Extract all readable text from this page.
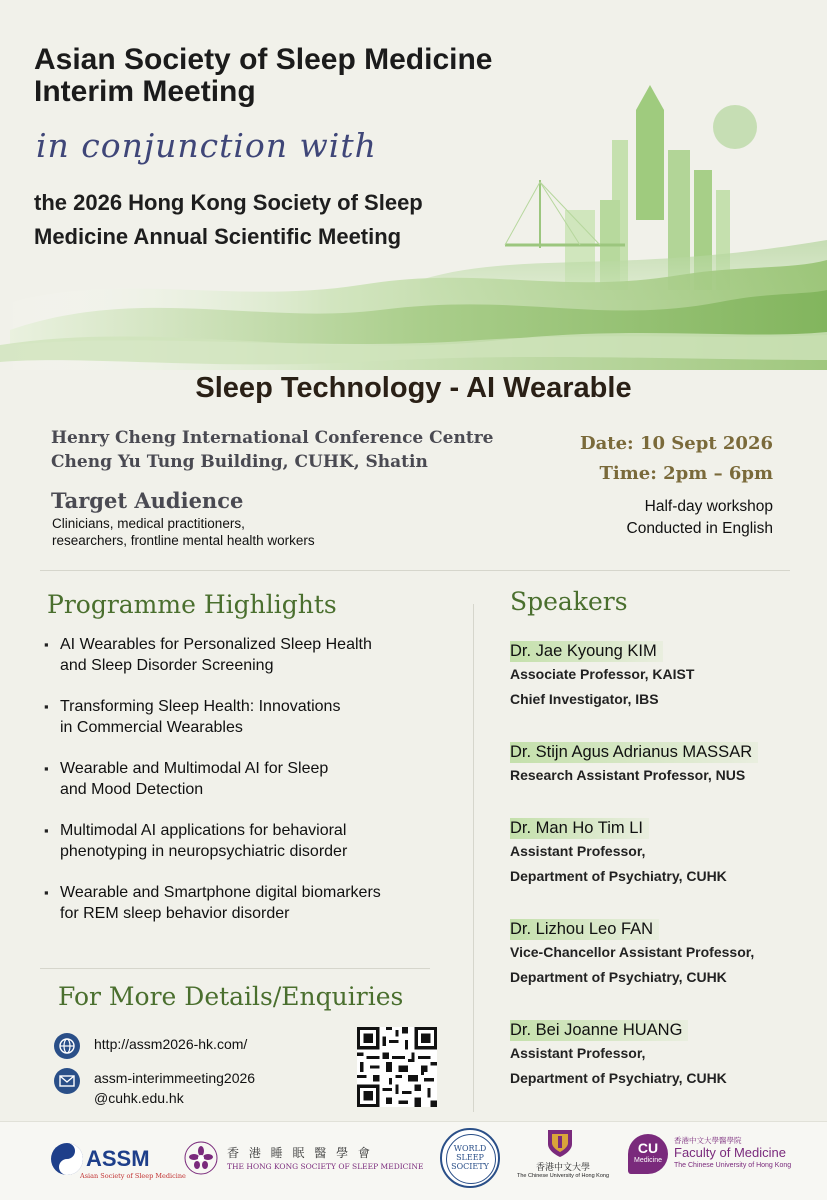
Asian Society of Sleep Medicine
Interim Meeting
in conjunction with
the 2026 Hong Kong Society of Sleep
Medicine Annual Scientific Meeting
Sleep Technology - AI Wearable
Henry Cheng International Conference Centre
Cheng Yu Tung Building, CUHK, Shatin
Date: 10 Sept 2026
Time: 2pm – 6pm
Target Audience
Clinicians, medical practitioners,
researchers, frontline mental health workers
Half-day workshop
Conducted in English
Programme Highlights
▪ AI Wearables for Personalized Sleep Health
and Sleep Disorder Screening
▪ Transforming Sleep Health: Innovations
in Commercial Wearables
▪ Wearable and Multimodal AI for Sleep
and Mood Detection
▪ Multimodal AI applications for behavioral
phenotyping in neuropsychiatric disorder
▪ Wearable and Smartphone digital biomarkers
for REM sleep behavior disorder
Speakers
Dr. Jae Kyoung KIM
Associate Professor, KAIST
Chief Investigator, IBS
Dr. Stijn Agus Adrianus MASSAR
Research Assistant Professor, NUS
Dr. Man Ho Tim LI
Assistant Professor,
Department of Psychiatry, CUHK
Dr. Lizhou Leo FAN
Vice-Chancellor Assistant Professor,
Department of Psychiatry, CUHK
Dr. Bei Joanne HUANG
Assistant Professor,
Department of Psychiatry, CUHK
For More Details/Enquiries
http://assm2026-hk.com/
assm-interimmeeting2026
@cuhk.edu.hk
ASSM
Asian Society of Sleep Medicine
香 港 睡 眠 醫 學 會
THE HONG KONG SOCIETY OF SLEEP MEDICINE
WORLD
SLEEP
SOCIETY	香港中文大學
The Chinese University of Hong Kong
CU
Medicine
香港中文大學醫學院
Faculty of Medicine
The Chinese University of Hong Kong
